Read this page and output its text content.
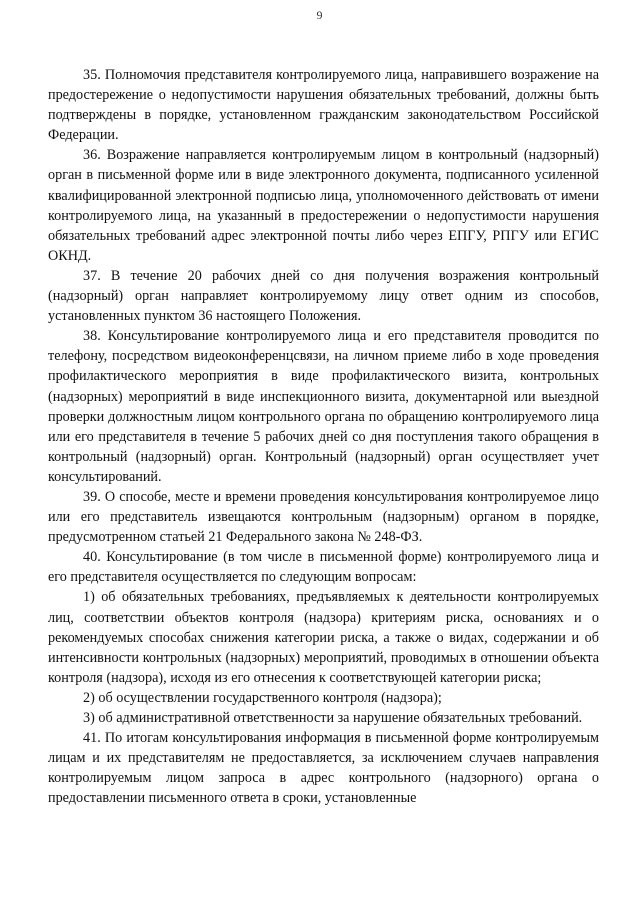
9

35. Полномочия представителя контролируемого лица, направившего возражение на предостережение о недопустимости нарушения обязательных требований, должны быть подтверждены в порядке, установленном гражданским законодательством Российской Федерации.

36. Возражение направляется контролируемым лицом в контрольный (надзорный) орган в письменной форме или в виде электронного документа, подписанного усиленной квалифицированной электронной подписью лица, уполномоченного действовать от имени контролируемого лица, на указанный в предостережении о недопустимости нарушения обязательных требований адрес электронной почты либо через ЕПГУ, РПГУ или ЕГИС ОКНД.

37. В течение 20 рабочих дней со дня получения возражения контрольный (надзорный) орган направляет контролируемому лицу ответ одним из способов, установленных пунктом 36 настоящего Положения.

38. Консультирование контролируемого лица и его представителя проводится по телефону, посредством видеоконференцсвязи, на личном приеме либо в ходе проведения профилактического мероприятия в виде профилактического визита, контрольных (надзорных) мероприятий в виде инспекционного визита, документарной или выездной проверки должностным лицом контрольного органа по обращению контролируемого лица или его представителя в течение 5 рабочих дней со дня поступления такого обращения в контрольный (надзорный) орган. Контрольный (надзорный) орган осуществляет учет консультирований.

39. О способе, месте и времени проведения консультирования контролируемое лицо или его представитель извещаются контрольным (надзорным) органом в порядке, предусмотренном статьей 21 Федерального закона № 248-ФЗ.

40. Консультирование (в том числе в письменной форме) контролируемого лица и его представителя осуществляется по следующим вопросам:

1) об обязательных требованиях, предъявляемых к деятельности контролируемых лиц, соответствии объектов контроля (надзора) критериям риска, основаниях и о рекомендуемых способах снижения категории риска, а также о видах, содержании и об интенсивности контрольных (надзорных) мероприятий, проводимых в отношении объекта контроля (надзора), исходя из его отнесения к соответствующей категории риска;

2) об осуществлении государственного контроля (надзора);

3) об административной ответственности за нарушение обязательных требований.

41. По итогам консультирования информация в письменной форме контролируемым лицам и их представителям не предоставляется, за исключением случаев направления контролируемым лицом запроса в адрес контрольного (надзорного) органа о предоставлении письменного ответа в сроки, установленные
